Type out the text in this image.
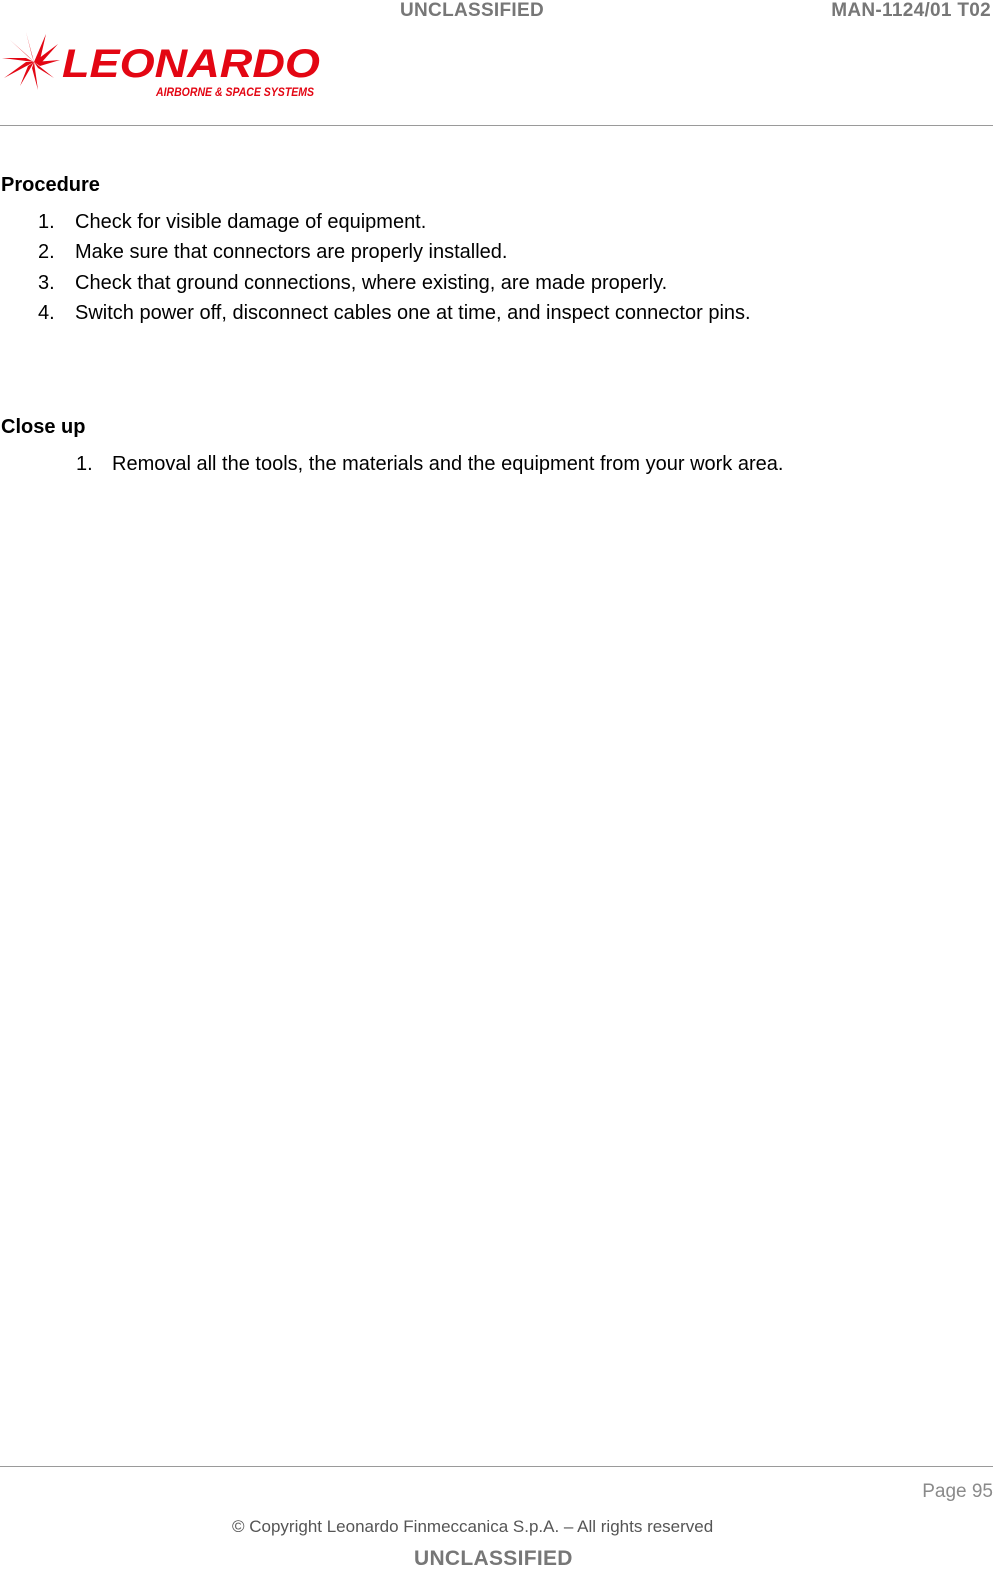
UNCLASSIFIED	MAN-1124/01 T02
LEONARDO
AIRBORNE & SPACE SYSTEMS
Procedure
1. Check for visible damage of equipment.
2. Make sure that connectors are properly installed.
3. Check that ground connections, where existing, are made properly.
4. Switch power off, disconnect cables one at time, and inspect connector pins.
Close up
1. Removal all the tools, the materials and the equipment from your work area.
Page 95
© Copyright Leonardo Finmeccanica S.p.A. – All rights reserved
UNCLASSIFIED
